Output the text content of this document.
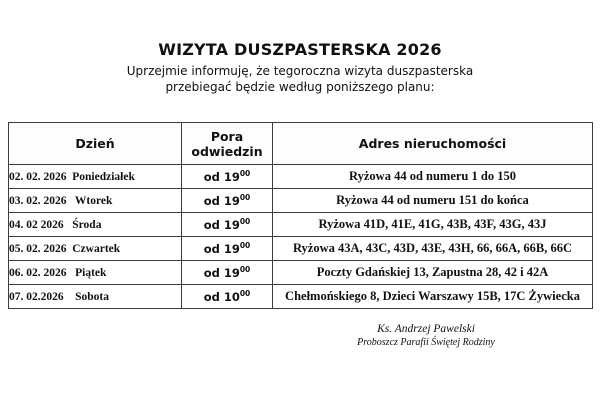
WIZYTA DUSZPASTERSKA 2026
Uprzejmie informuję, że tegoroczna wizyta duszpasterska
przebiegać będzie według poniższego planu:
Dzień	Pora odwiedzin	Adres nieruchomości
02. 02. 2026  Poniedziałek	od $19^{00}$	Ryżowa 44 od numeru 1 do 150
03. 02. 2026   Wtorek	od $19^{00}$	Ryżowa 44 od numeru 151 do końca
04. 02 2026   Środa	od $19^{00}$	Ryżowa 41D, 41E, 41G, 43B, 43F, 43G, 43J
05. 02. 2026  Czwartek	od $19^{00}$	Ryżowa 43A, 43C, 43D, 43E, 43H, 66, 66A, 66B, 66C
06. 02. 2026   Piątek	od $19^{00}$	Poczty Gdańskiej 13, Zapustna 28, 42 i 42A
07. 02.2026    Sobota	od $10^{00}$	Chełmońskiego 8, Dzieci Warszawy 15B, 17C Żywiecka
Ks. Andrzej Pawelski
Proboszcz Parafii Świętej Rodziny
